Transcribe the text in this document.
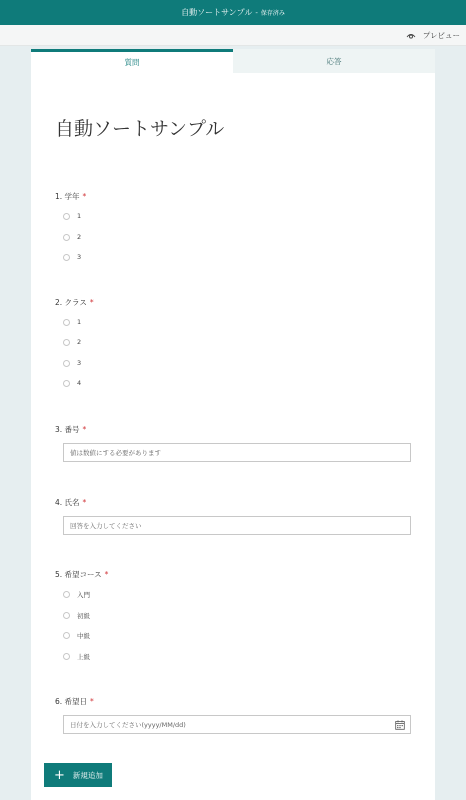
自動ソートサンプル - 保存済み
プレビュー
質問	応答
自動ソートサンプル
1. 学年 *
1
2
3
2. クラス *
1
2
3
4
3. 番号 *
値は数値にする必要があります
4. 氏名 *
回答を入力してください
5. 希望コース *
入門
初級
中級
上級
6. 希望日 *
日付を入力してください(yyyy/MM/dd)
+ 新規追加
